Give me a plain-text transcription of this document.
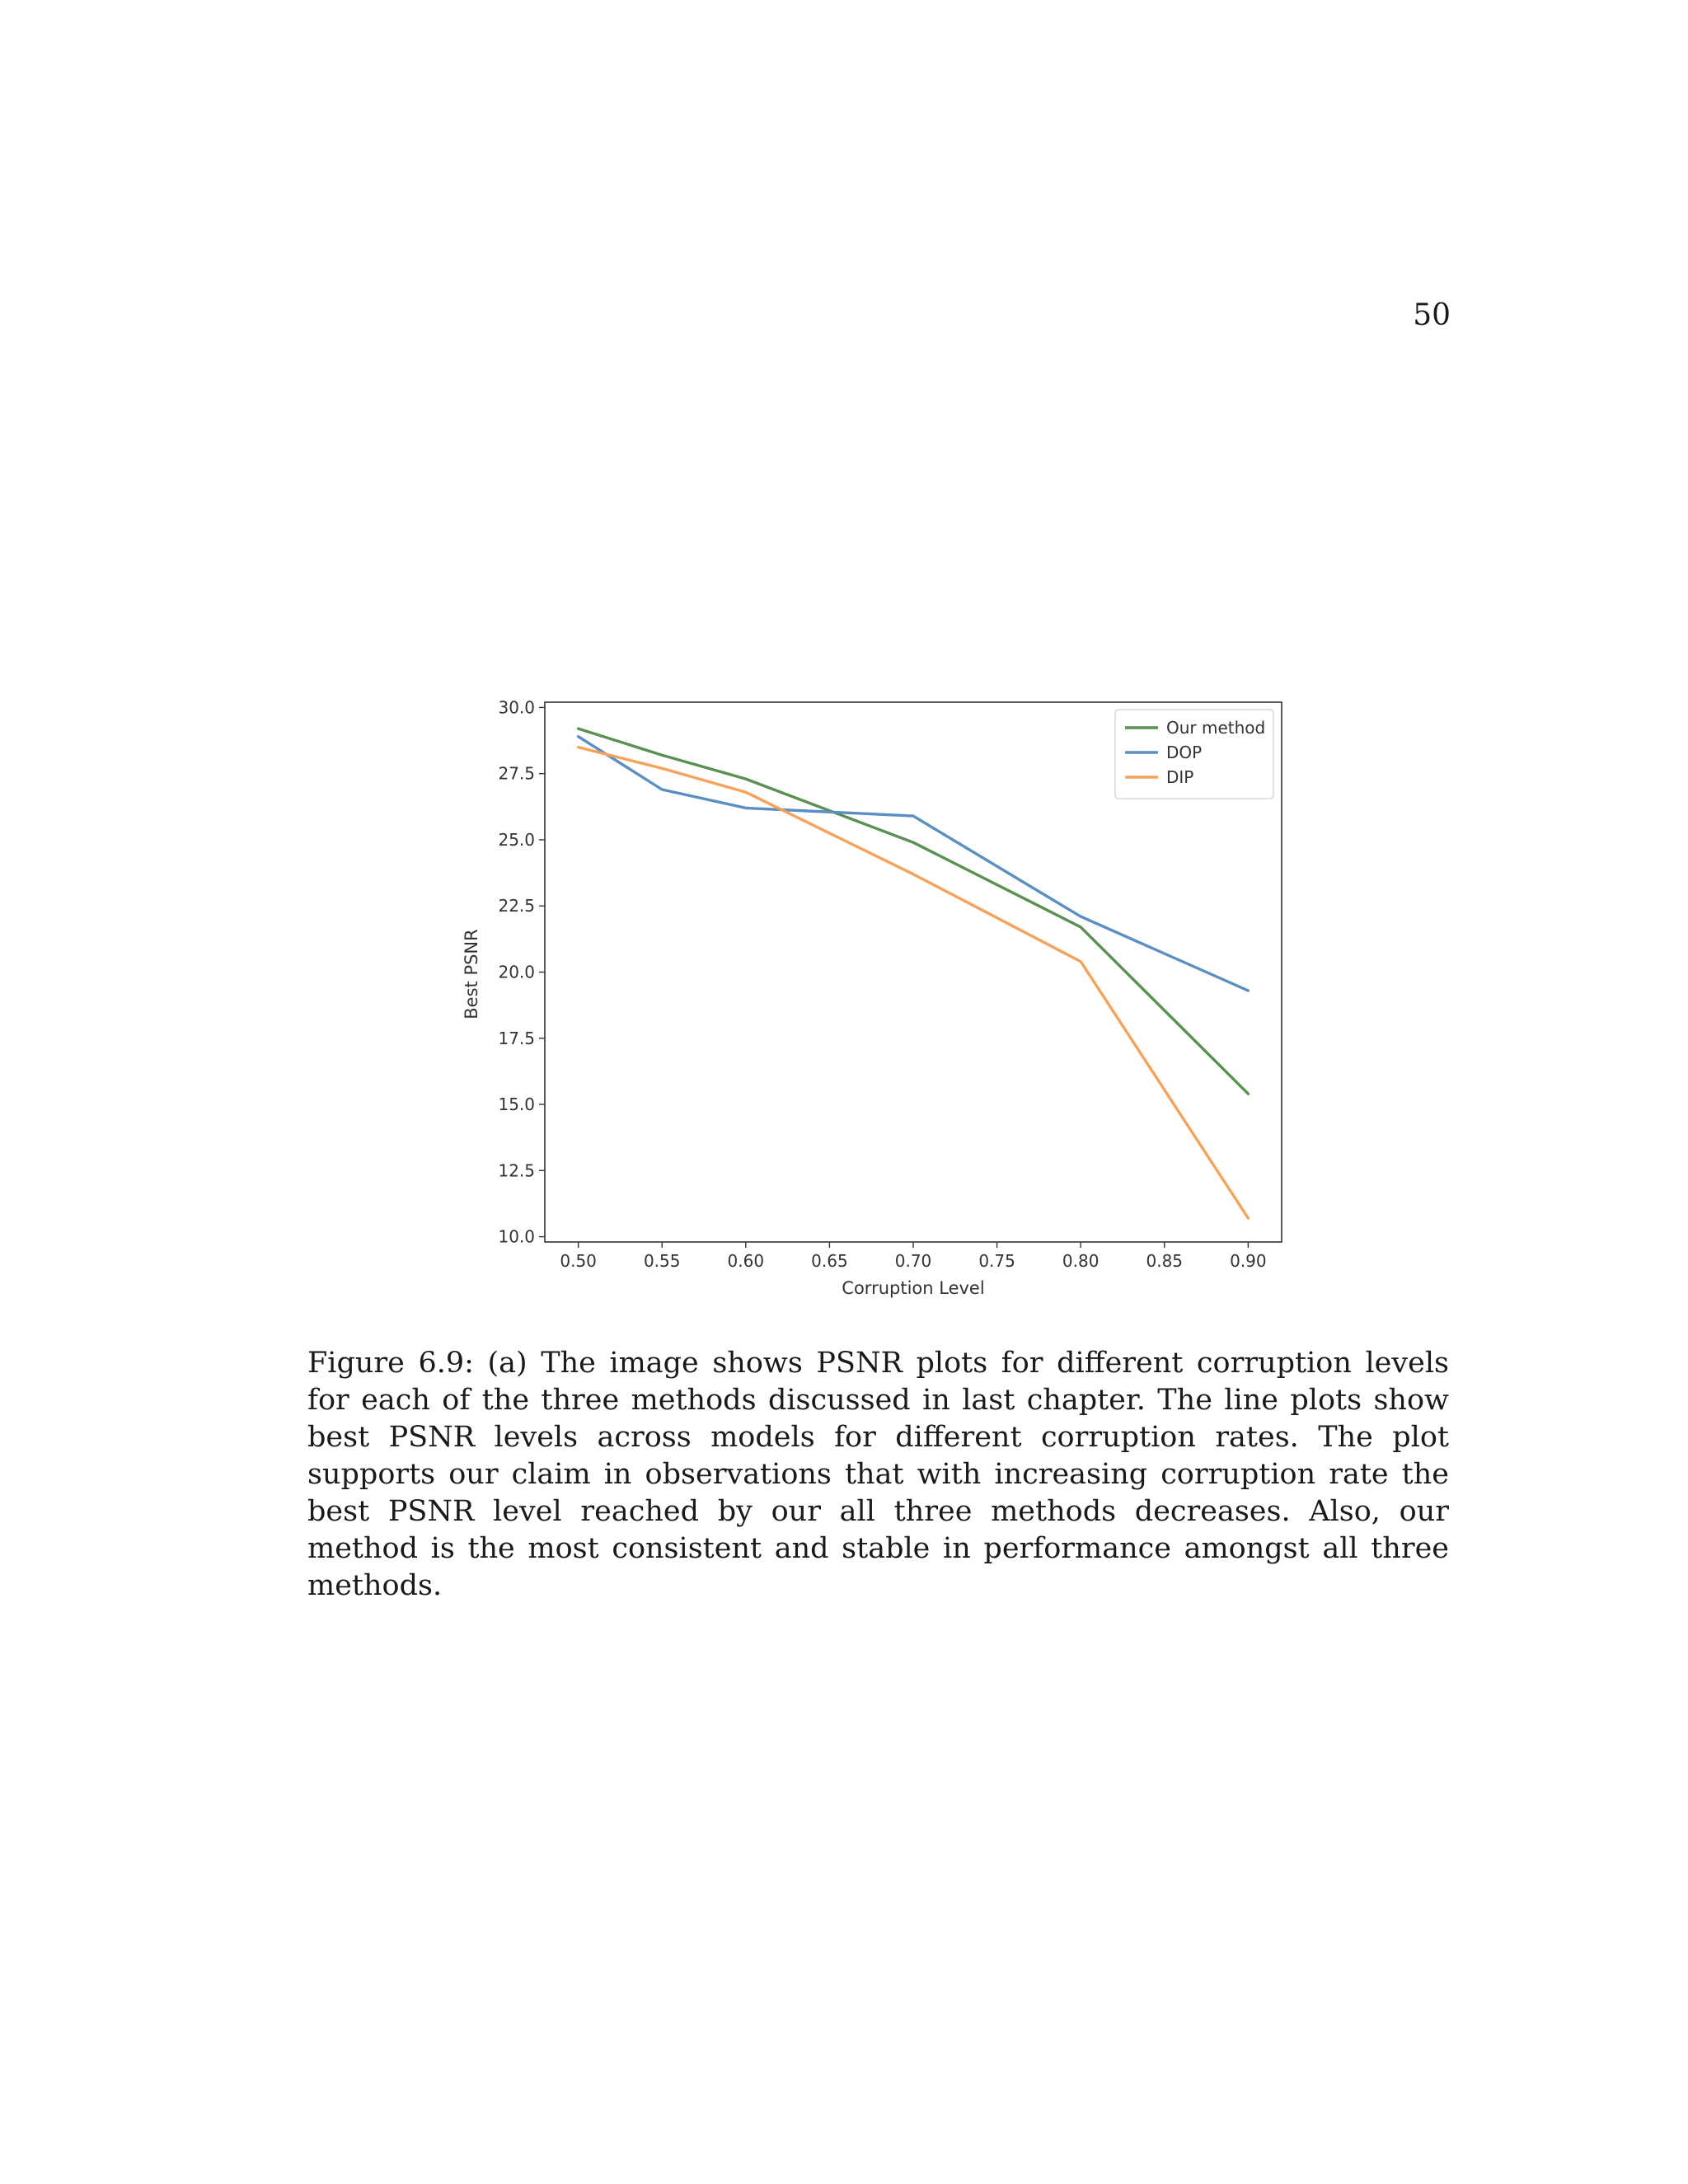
50
0.50	0.55	0.60	0.65	0.70	0.75	0.80	0.85	0.90
10.0
12.5
15.0
17.5
20.0
22.5
25.0
27.5
30.0
Our method
DOP
DIP
Corruption Level
Best PSNR
Figure 6.9: (a) The image shows PSNR plots for different corruption levels for each of the three methods discussed in last chapter. The line plots show best PSNR levels across models for different corruption rates. The plot supports our claim in observations that with increasing corruption rate the best PSNR level reached by our all three methods decreases. Also, our method is the most consistent and stable in performance amongst all three methods.
